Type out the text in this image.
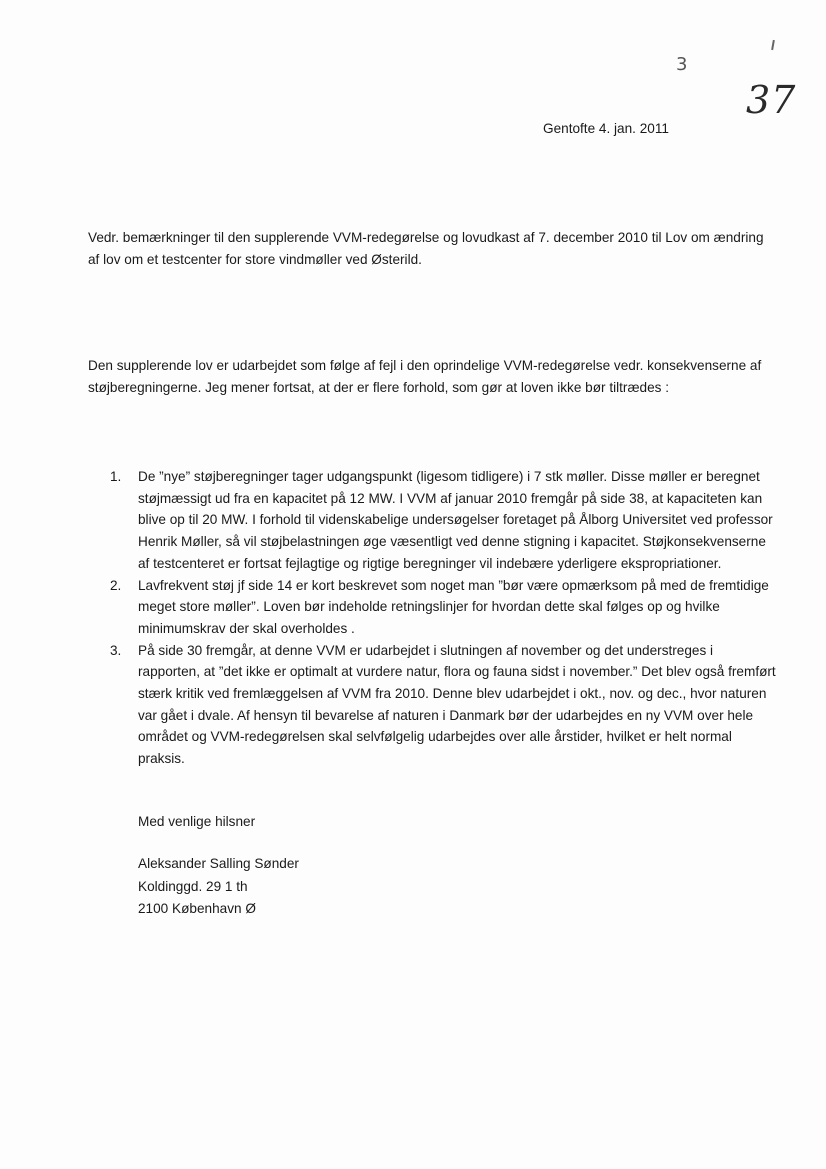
3
37
Gentofte 4. jan. 2011
Vedr. bemærkninger til den supplerende VVM-redegørelse og lovudkast af 7. december 2010 til Lov om ændring af lov om et testcenter for store vindmøller ved Østerild.
Den supplerende lov er udarbejdet som følge af fejl i den oprindelige VVM-redegørelse vedr. konsekvenserne af støjberegningerne. Jeg mener fortsat, at der er flere forhold, som gør at loven ikke bør tiltrædes :
1. De ”nye” støjberegninger tager udgangspunkt (ligesom tidligere) i 7 stk møller. Disse møller er beregnet støjmæssigt ud fra en kapacitet på 12 MW. I VVM af januar 2010 fremgår på side 38, at kapaciteten kan blive op til 20 MW. I forhold til videnskabelige undersøgelser foretaget på Ålborg Universitet ved professor Henrik Møller, så vil støjbelastningen øge væsentligt ved denne stigning i kapacitet. Støjkonsekvenserne af testcenteret er fortsat fejlagtige og rigtige beregninger vil indebære yderligere ekspropriationer.
2. Lavfrekvent støj jf side 14 er kort beskrevet som noget man ”bør være opmærksom på med de fremtidige meget store møller”. Loven bør indeholde retningslinjer for hvordan dette skal følges op og hvilke minimumskrav der skal overholdes .
3. På side 30 fremgår, at denne VVM er udarbejdet i slutningen af november og det understreges i rapporten, at ”det ikke er optimalt at vurdere natur, flora og fauna sidst i november.” Det blev også fremført stærk kritik ved fremlæggelsen af VVM fra 2010. Denne blev udarbejdet i okt., nov. og dec., hvor naturen var gået i dvale. Af hensyn til bevarelse af naturen i Danmark bør der udarbejdes en ny VVM over hele området og VVM-redegørelsen skal selvfølgelig udarbejdes over alle årstider, hvilket er helt normal praksis.
Med venlige hilsner
Aleksander Salling Sønder
Koldinggd. 29 1 th
2100 København Ø
